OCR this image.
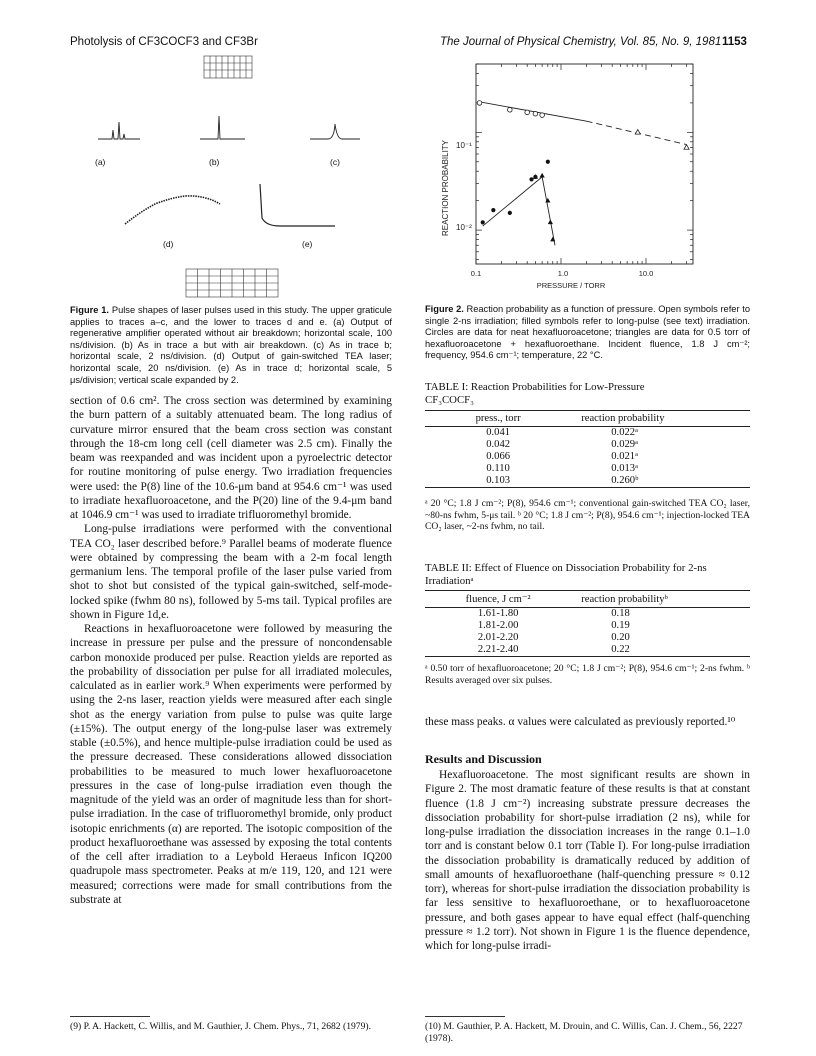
Photolysis of CF3COCF3 and CF3Br	The Journal of Physical Chemistry, Vol. 85, No. 9, 1981 1153
(a)	(b)	(c)
(d)	(e)
Figure 1. Pulse shapes of laser pulses used in this study. The upper graticule applies to traces a–c, and the lower to traces d and e. (a) Output of regenerative amplifier operated without air breakdown; horizontal scale, 100 ns/division. (b) As in trace a but with air breakdown. (c) As in trace b; horizontal scale, 2 ns/division. (d) Output of gain-switched TEA laser; horizontal scale, 20 ns/division. (e) As in trace d; horizontal scale, 5 μs/division; vertical scale expanded by 2.

section of 0.6 cm². The cross section was determined by examining the burn pattern of a suitably attenuated beam. The long radius of curvature mirror ensured that the beam cross section was constant through the 18-cm long cell (cell diameter was 2.5 cm). Finally the beam was reexpanded and was incident upon a pyroelectric detector for routine monitoring of pulse energy. Two irradiation frequencies were used: the P(8) line of the 10.6-μm band at 954.6 cm⁻¹ was used to irradiate hexafluoroacetone, and the P(20) line of the 9.4-μm band at 1046.9 cm⁻¹ was used to irradiate trifluoromethyl bromide.

Long-pulse irradiations were performed with the conventional TEA CO₂ laser described before.⁹ Parallel beams of moderate fluence were obtained by compressing the beam with a 2-m focal length germanium lens. The temporal profile of the laser pulse varied from shot to shot but consisted of the typical gain-switched, self-mode-locked spike (fwhm 80 ns), followed by 5-ms tail. Typical profiles are shown in Figure 1d,e.

Reactions in hexafluoroacetone were followed by measuring the increase in pressure per pulse and the pressure of noncondensable carbon monoxide produced per pulse. Reaction yields are reported as the probability of dissociation per pulse for all irradiated molecules, calculated as in earlier work.⁹ When experiments were performed by using the 2-ns laser, reaction yields were measured after each single shot as the energy variation from pulse to pulse was quite large (±15%). The output energy of the long-pulse laser was extremely stable (±0.5%), and hence multiple-pulse irradiation could be used as the pressure decreased. These considerations allowed dissociation probabilities to be measured to much lower hexafluoroacetone pressures in the case of long-pulse irradiation even though the magnitude of the yield was an order of magnitude less than for short-pulse irradiation. In the case of trifluoromethyl bromide, only product isotopic enrichments (α) are reported. The isotopic composition of the product hexafluoroethane was assessed by exposing the total contents of the cell after irradiation to a Leybold Heraeus Inficon IQ200 quadrupole mass spectrometer. Peaks at m/e 119, 120, and 121 were measured; corrections were made for small contributions from the substrate at

(9) P. A. Hackett, C. Willis, and M. Gauthier, J. Chem. Phys., 71, 2682 (1979).
REACTION PROBABILITY
PRESSURE / TORR
10⁻¹
10⁻²
0.1	1.0	10.0
Figure 2. Reaction probability as a function of pressure. Open symbols refer to single 2-ns irradiation; filled symbols refer to long-pulse (see text) irradiation. Circles are data for neat hexafluoroacetone; triangles are data for 0.5 torr of hexafluoroacetone + hexafluoroethane. Incident fluence, 1.8 J cm⁻²; frequency, 954.6 cm⁻¹; temperature, 22 °C.
TABLE I: Reaction Probabilities for Low-Pressure CF₃COCF₃
press., torr	reaction probability
0.041	0.022ᵃ
0.042	0.029ᵃ
0.066	0.021ᵃ
0.110	0.013ᵃ
0.103	0.260ᵇ
ᵃ 20 °C; 1.8 J cm⁻²; P(8), 954.6 cm⁻¹; conventional gain-switched TEA CO₂ laser, ~80-ns fwhm, 5-μs tail. ᵇ 20 °C; 1.8 J cm⁻²; P(8), 954.6 cm⁻¹; injection-locked TEA CO₂ laser, ~2-ns fwhm, no tail.
TABLE II: Effect of Fluence on Dissociation Probability for 2-ns Irradiationᵃ
fluence, J cm⁻²	reaction probabilityᵇ
1.61-1.80	0.18
1.81-2.00	0.19
2.01-2.20	0.20
2.21-2.40	0.22
ᵃ 0.50 torr of hexafluoroacetone; 20 °C; 1.8 J cm⁻²; P(8), 954.6 cm⁻¹; 2-ns fwhm. ᵇ Results averaged over six pulses.
these mass peaks. α values were calculated as previously reported.¹⁰
Results and Discussion
Hexafluoroacetone. The most significant results are shown in Figure 2. The most dramatic feature of these results is that at constant fluence (1.8 J cm⁻²) increasing substrate pressure decreases the dissociation probability for short-pulse irradiation (2 ns), while for long-pulse irradiation the dissociation increases in the range 0.1–1.0 torr and is constant below 0.1 torr (Table I). For long-pulse irradiation the dissociation probability is dramatically reduced by addition of small amounts of hexafluoroethane (half-quenching pressure ≈ 0.12 torr), whereas for short-pulse irradiation the dissociation probability is far less sensitive to hexafluoroethane, or to hexafluoroacetone pressure, and both gases appear to have equal effect (half-quenching pressure ≈ 1.2 torr). Not shown in Figure 1 is the fluence dependence, which for long-pulse irradi-
(10) M. Gauthier, P. A. Hackett, M. Drouin, and C. Willis, Can. J. Chem., 56, 2227 (1978).
